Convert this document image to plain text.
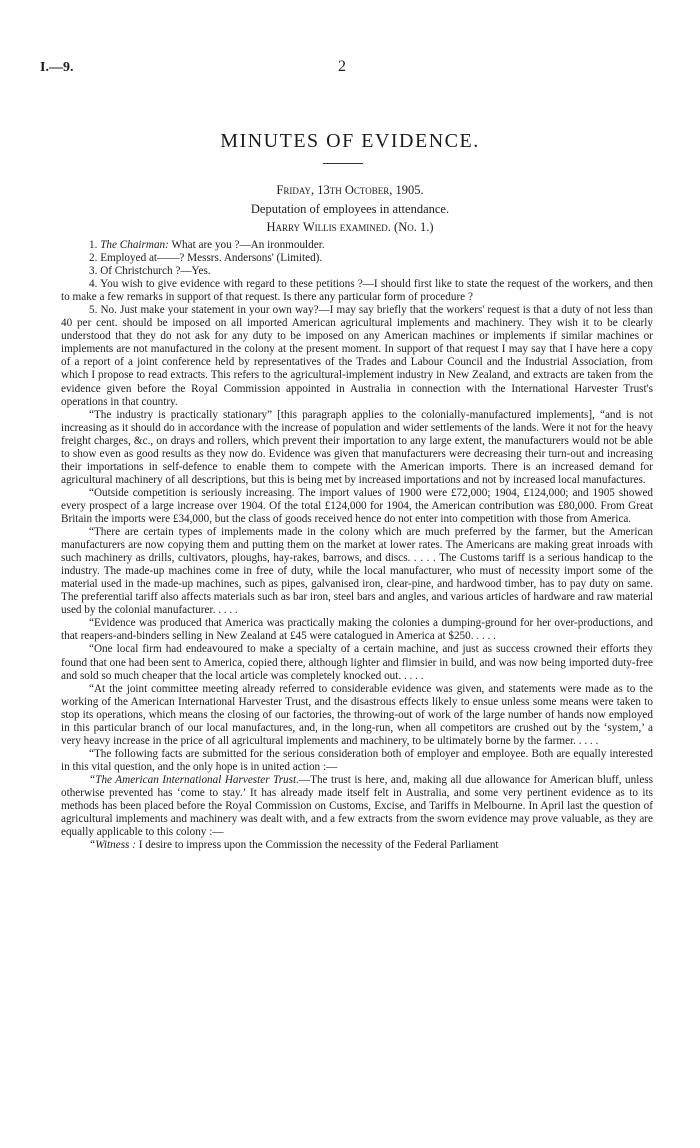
I.—9.	2
MINUTES OF EVIDENCE.
Friday, 13th October, 1905.
Deputation of employees in attendance.
Harry Willis examined. (No. 1.)

1. The Chairman: What are you ?—An ironmoulder.

2. Employed at——? Messrs. Andersons' (Limited).

3. Of Christchurch ?—Yes.

4. You wish to give evidence with regard to these petitions ?—I should first like to state the request of the workers, and then to make a few remarks in support of that request. Is there any particular form of procedure ?

5. No. Just make your statement in your own way?—I may say briefly that the workers' request is that a duty of not less than 40 per cent. should be imposed on all imported American agricultural implements and machinery. They wish it to be clearly understood that they do not ask for any duty to be imposed on any American machines or implements if similar machines or implements are not manufactured in the colony at the present moment. In support of that request I may say that I have here a copy of a report of a joint conference held by representatives of the Trades and Labour Council and the Industrial Association, from which I propose to read extracts. This refers to the agricultural-implement industry in New Zealand, and extracts are taken from the evidence given before the Royal Commission appointed in Australia in connection with the International Harvester Trust's operations in that country.

“The industry is practically stationary” [this paragraph applies to the colonially-manufactured implements], “and is not increasing as it should do in accordance with the increase of population and wider settlements of the lands. Were it not for the heavy freight charges, &c., on drays and rollers, which prevent their importation to any large extent, the manufacturers would not be able to show even as good results as they now do. Evidence was given that manufacturers were decreasing their turn-out and increasing their importations in self-defence to enable them to compete with the American imports. There is an increased demand for agricultural machinery of all descriptions, but this is being met by increased importations and not by increased local manufactures.

“Outside competition is seriously increasing. The import values of 1900 were £72,000; 1904, £124,000; and 1905 showed every prospect of a large increase over 1904. Of the total £124,000 for 1904, the American contribution was £80,000. From Great Britain the imports were £34,000, but the class of goods received hence do not enter into competition with those from America.

“There are certain types of implements made in the colony which are much preferred by the farmer, but the American manufacturers are now copying them and putting them on the market at lower rates. The Americans are making great inroads with such machinery as drills, cultivators, ploughs, hay-rakes, barrows, and discs. . . . . The Customs tariff is a serious handicap to the industry. The made-up machines come in free of duty, while the local manufacturer, who must of necessity import some of the material used in the made-up machines, such as pipes, galvanised iron, clear-pine, and hardwood timber, has to pay duty on same. The preferential tariff also affects materials such as bar iron, steel bars and angles, and various articles of hardware and raw material used by the colonial manufacturer. . . . .

“Evidence was produced that America was practically making the colonies a dumping-ground for her over-productions, and that reapers-and-binders selling in New Zealand at £45 were catalogued in America at $250. . . . .

“One local firm had endeavoured to make a specialty of a certain machine, and just as success crowned their efforts they found that one had been sent to America, copied there, although lighter and flimsier in build, and was now being imported duty-free and sold so much cheaper that the local article was completely knocked out. . . . .

“At the joint committee meeting already referred to considerable evidence was given, and statements were made as to the working of the American International Harvester Trust, and the disastrous effects likely to ensue unless some means were taken to stop its operations, which means the closing of our factories, the throwing-out of work of the large number of hands now employed in this particular branch of our local manufactures, and, in the long-run, when all competitors are crushed out by the ‘system,’ a very heavy increase in the price of all agricultural implements and machinery, to be ultimately borne by the farmer. . . . .

“The following facts are submitted for the serious consideration both of employer and employee. Both are equally interested in this vital question, and the only hope is in united action :—

“The American International Harvester Trust.—The trust is here, and, making all due allowance for American bluff, unless otherwise prevented has ‘come to stay.’ It has already made itself felt in Australia, and some very pertinent evidence as to its methods has been placed before the Royal Commission on Customs, Excise, and Tariffs in Melbourne. In April last the question of agricultural implements and machinery was dealt with, and a few extracts from the sworn evidence may prove valuable, as they are equally applicable to this colony :—

“Witness : I desire to impress upon the Commission the necessity of the Federal Parliament
